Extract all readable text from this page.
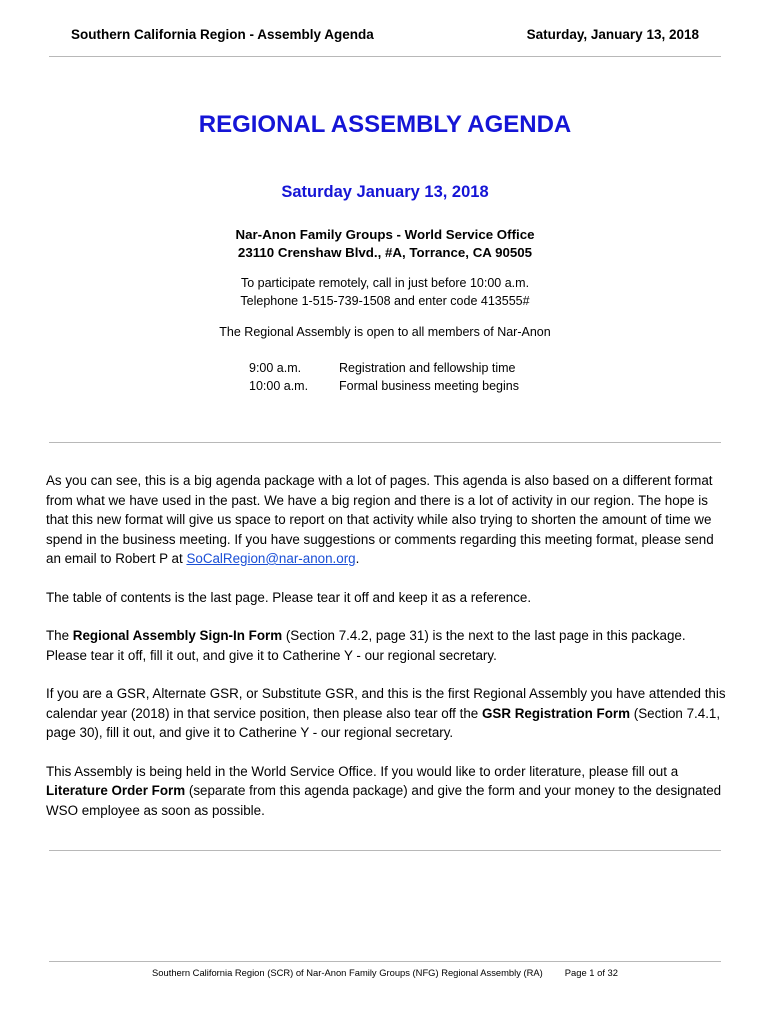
Southern California Region - Assembly Agenda	Saturday, January 13, 2018
REGIONAL ASSEMBLY AGENDA
Saturday January 13, 2018
Nar-Anon Family Groups - World Service Office
23110 Crenshaw Blvd., #A, Torrance, CA 90505
To participate remotely, call in just before 10:00 a.m.
Telephone 1-515-739-1508 and enter code 413555#
The Regional Assembly is open to all members of Nar-Anon
9:00 a.m.	Registration and fellowship time
10:00 a.m.	Formal business meeting begins

As you can see, this is a big agenda package with a lot of pages. This agenda is also based on a different format from what we have used in the past. We have a big region and there is a lot of activity in our region. The hope is that this new format will give us space to report on that activity while also trying to shorten the amount of time we spend in the business meeting. If you have suggestions or comments regarding this meeting format, please send an email to Robert P at SoCalRegion@nar-anon.org.

The table of contents is the last page. Please tear it off and keep it as a reference.

The Regional Assembly Sign-In Form (Section 7.4.2, page 31) is the next to the last page in this package. Please tear it off, fill it out, and give it to Catherine Y - our regional secretary.

If you are a GSR, Alternate GSR, or Substitute GSR, and this is the first Regional Assembly you have attended this calendar year (2018) in that service position, then please also tear off the GSR Registration Form (Section 7.4.1, page 30), fill it out, and give it to Catherine Y - our regional secretary.

This Assembly is being held in the World Service Office. If you would like to order literature, please fill out a Literature Order Form (separate from this agenda package) and give the form and your money to the designated WSO employee as soon as possible.

Southern California Region (SCR) of Nar-Anon Family Groups (NFG) Regional Assembly (RA) Page 1 of 32
